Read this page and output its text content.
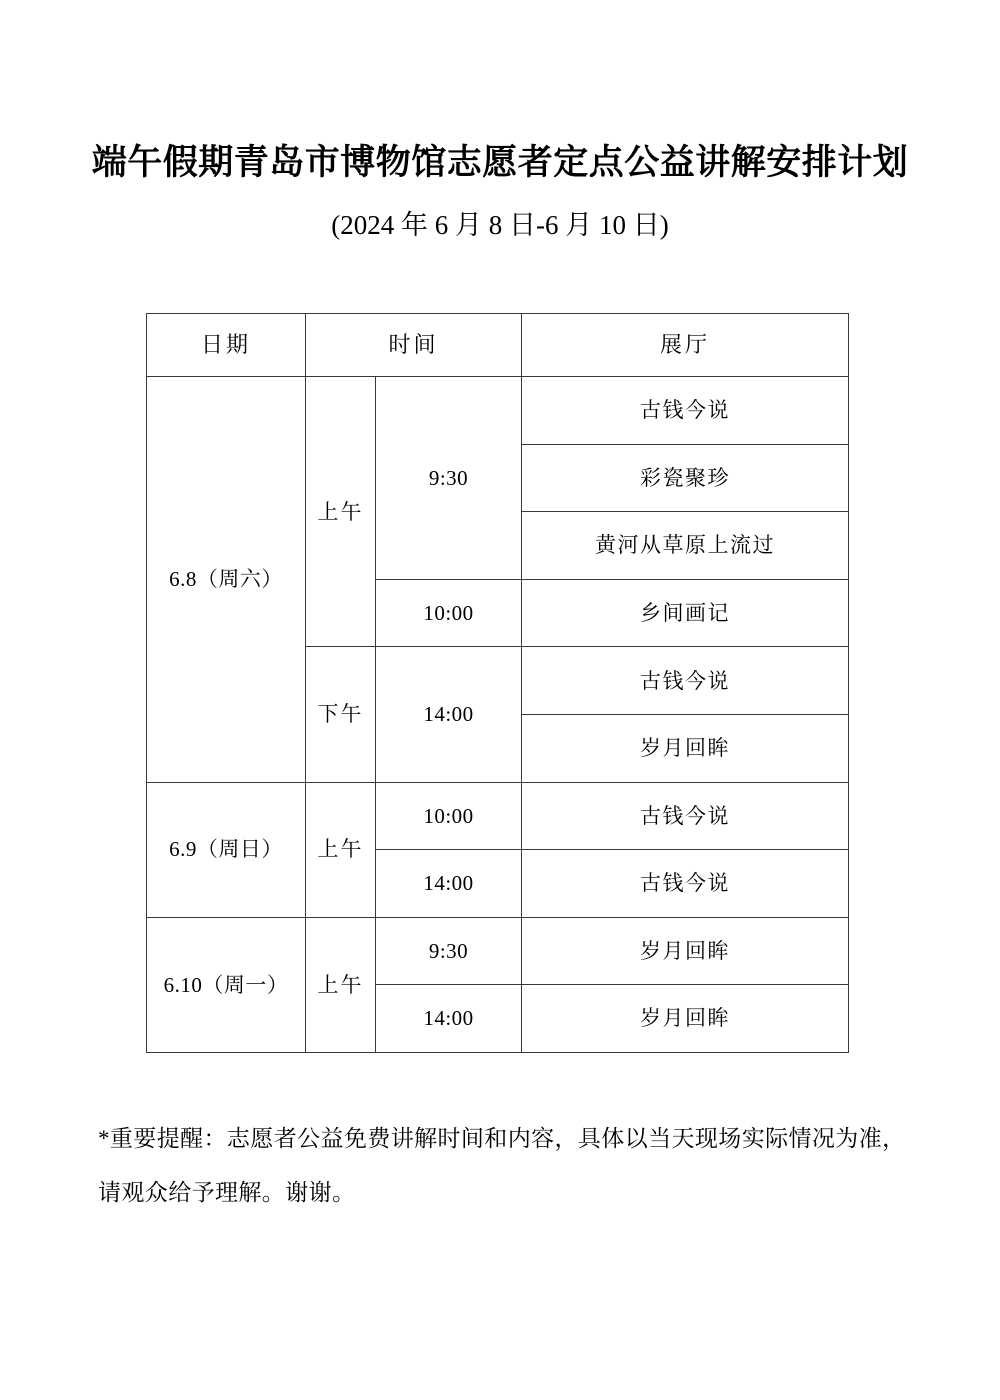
端午假期青岛市博物馆志愿者定点公益讲解安排计划
(2024 年 6 月 8 日-6 月 10 日)
日期	时间		展厅
6.8（周六）	上午	9:30	古钱今说
			彩瓷聚珍
			黄河从草原上流过
		10:00	乡间画记
	下午	14:00	古钱今说
			岁月回眸
6.9（周日）	上午	10:00	古钱今说
		14:00	古钱今说
6.10（周一）	上午	9:30	岁月回眸
		14:00	岁月回眸
*重要提醒：志愿者公益免费讲解时间和内容，具体以当天现场实际情况为准，请观众给予理解。谢谢。
